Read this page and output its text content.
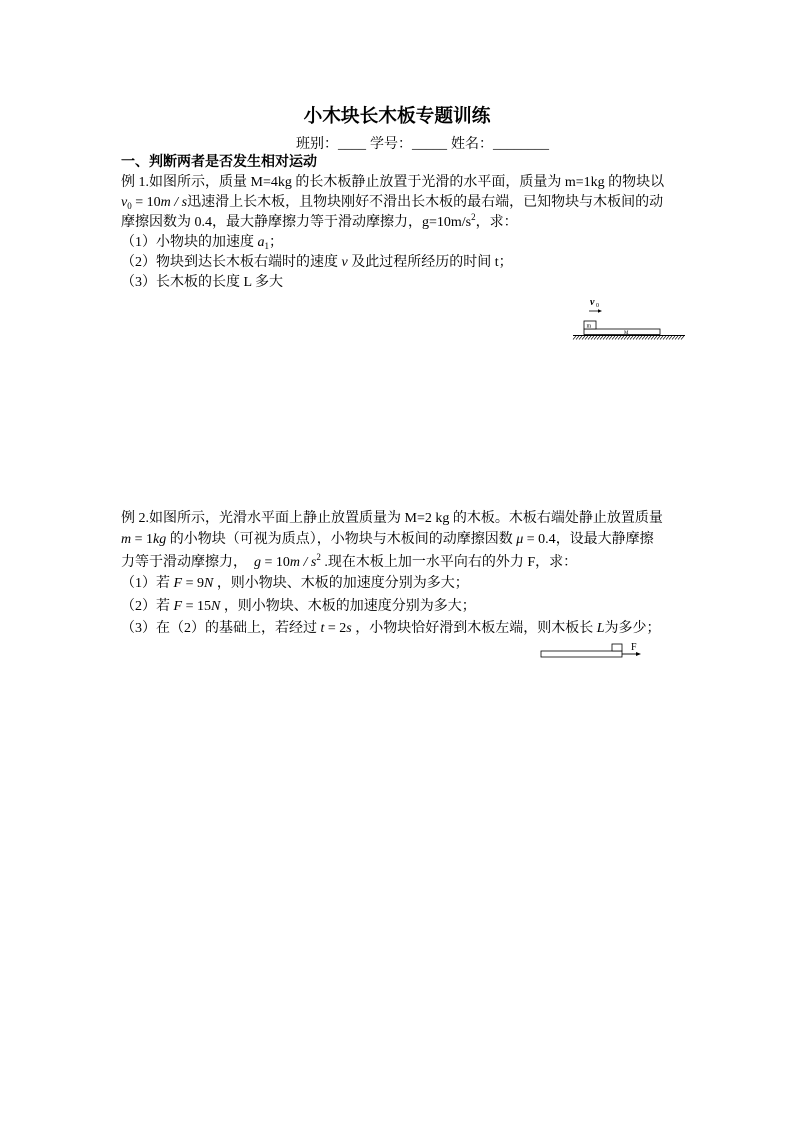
小木块长木板专题训练
班别：____ 学号：_____ 姓名：________
一、判断两者是否发生相对运动
例 1.如图所示，质量 M=4kg 的长木板静止放置于光滑的水平面，质量为 m=1kg 的物块以
$v_0 = 10m / s$迅速滑上长木板，且物块刚好不滑出长木板的最右端，已知物块与木板间的动
摩擦因数为 0.4，最大静摩擦力等于滑动摩擦力，$g=10m/s^2$，求：
（1）小物块的加速度 $a_1$；
（2）物块到达长木板右端时的速度 v 及此过程所经历的时间 t；
（3）长木板的长度 L 多大
v 0
M
m
例 2.如图所示，光滑水平面上静止放置质量为 M=2 kg 的木板。木板右端处静止放置质量
m = 1kg 的小物块（可视为质点），小物块与木板间的动摩擦因数 μ = 0.4，设最大静摩擦
力等于滑动摩擦力，  $g = 10m / s^2$ .现在木板上加一水平向右的外力 F，求：
（1）若 F = 9N ，则小物块、木板的加速度分别为多大；
（2）若 F = 15N ，则小物块、木板的加速度分别为多大；
（3）在（2）的基础上，若经过 t = 2s ，小物块恰好滑到木板左端，则木板长 L为多少；
F
